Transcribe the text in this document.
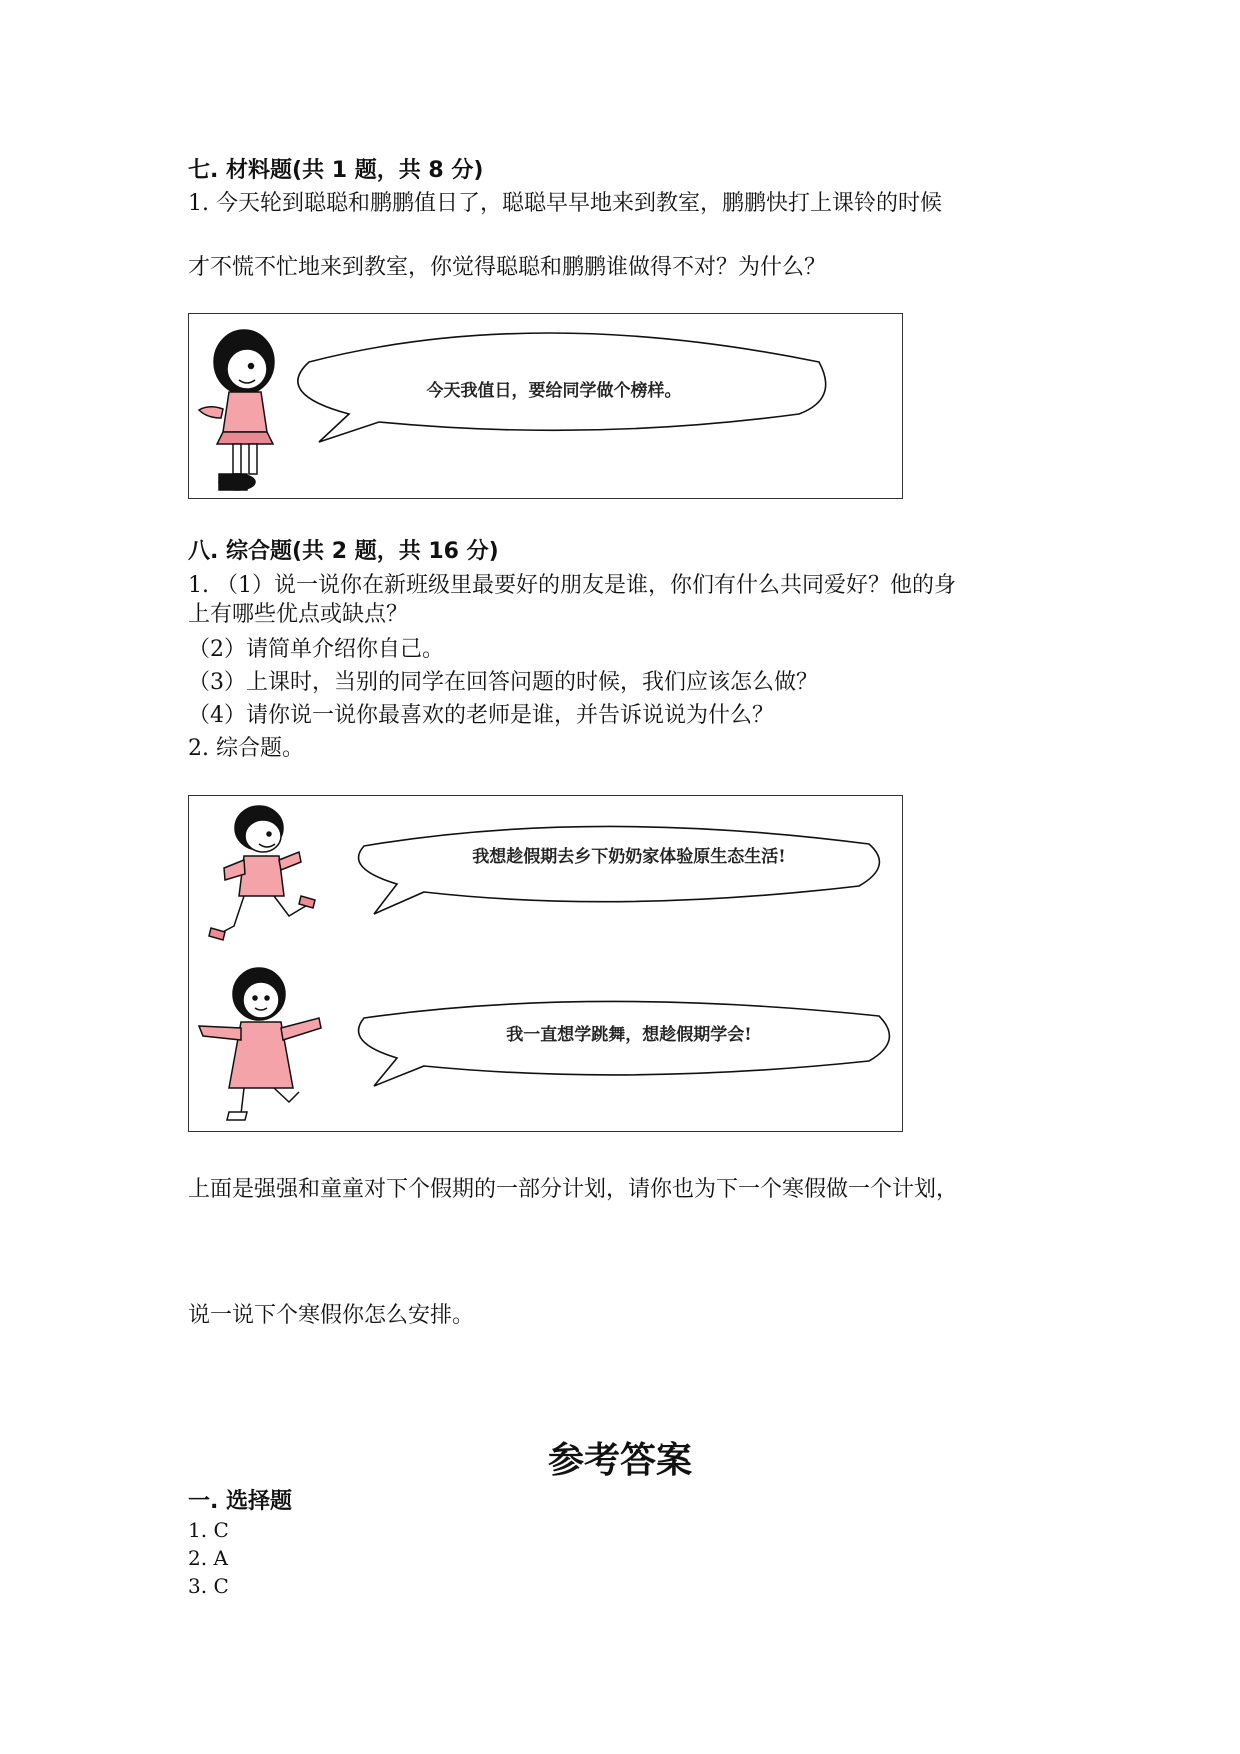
七. 材料题(共 1 题，共 8 分)
1. 今天轮到聪聪和鹏鹏值日了，聪聪早早地来到教室，鹏鹏快打上课铃的时候
才不慌不忙地来到教室，你觉得聪聪和鹏鹏谁做得不对？为什么？
今天我值日，要给同学做个榜样。
八. 综合题(共 2 题，共 16 分)
1. （1）说一说你在新班级里最要好的朋友是谁，你们有什么共同爱好？他的身
上有哪些优点或缺点？
（2）请简单介绍你自己。
（3）上课时，当别的同学在回答问题的时候，我们应该怎么做？
（4）请你说一说你最喜欢的老师是谁，并告诉说说为什么？
2. 综合题。
我想趁假期去乡下奶奶家体验原生态生活!
我一直想学跳舞，想趁假期学会!
上面是强强和童童对下个假期的一部分计划，请你也为下一个寒假做一个计划，
说一说下个寒假你怎么安排。
参考答案
一. 选择题
1. C
2. A
3. C
